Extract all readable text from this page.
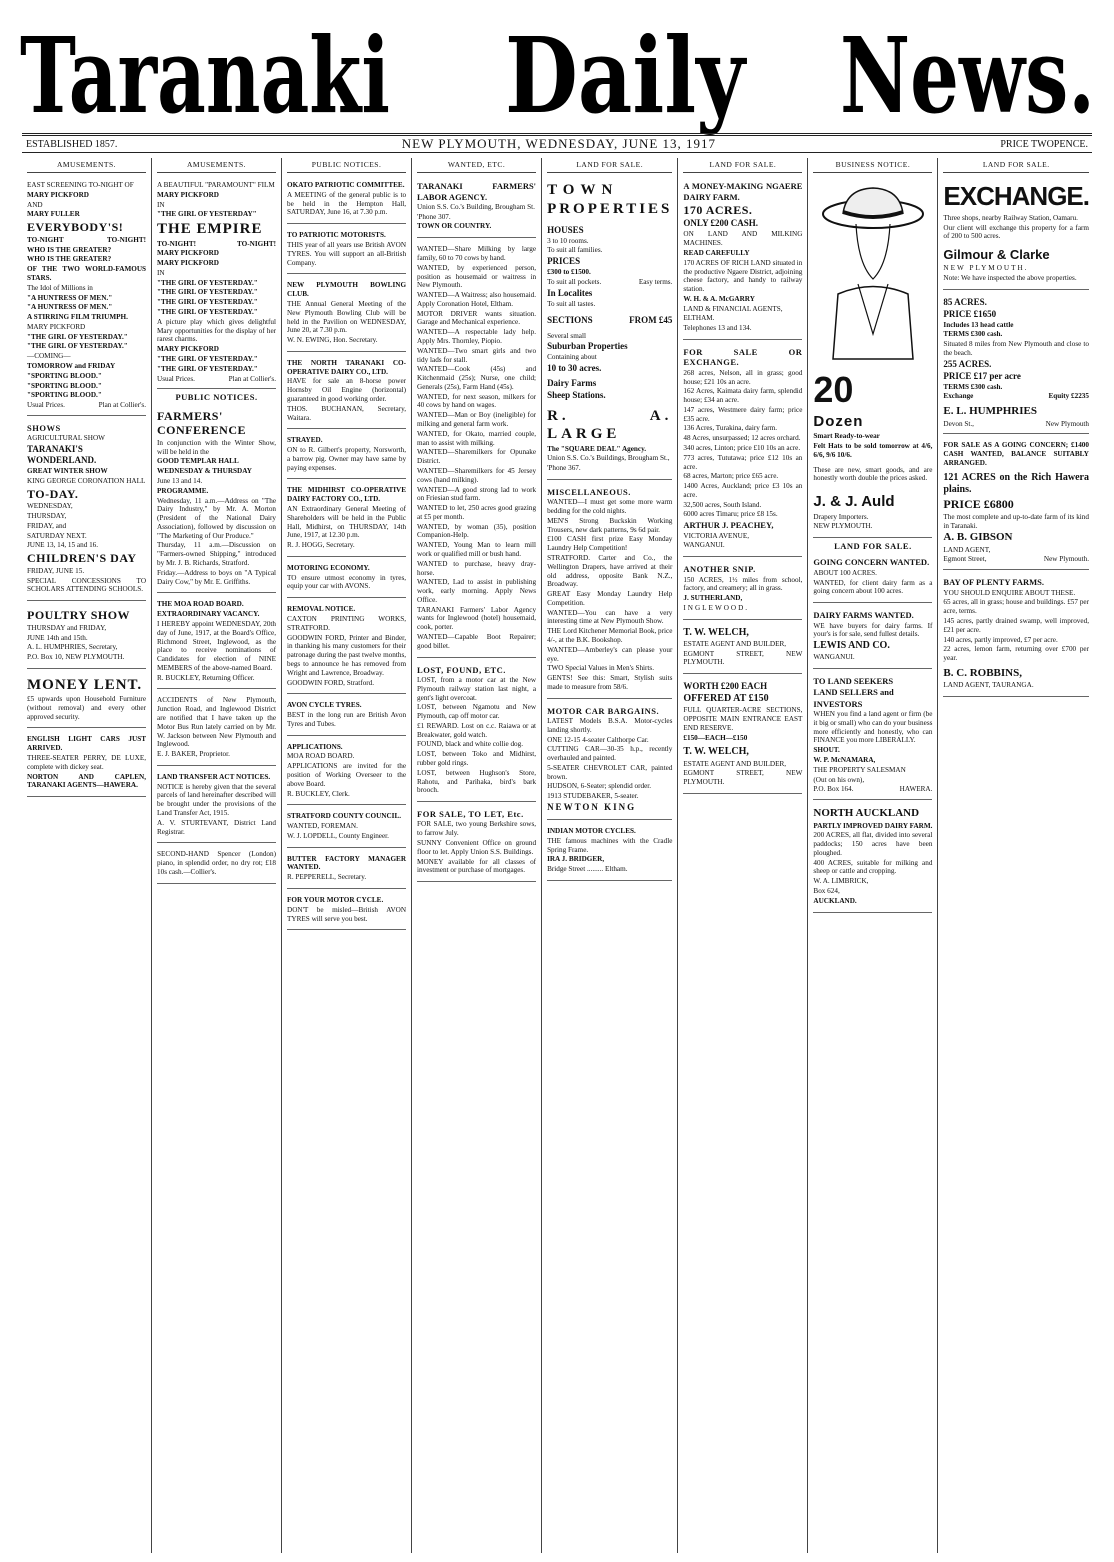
Taranaki Daily News.
ESTABLISHED 1857.	NEW PLYMOUTH, WEDNESDAY, JUNE 13, 1917	PRICE TWOPENCE.
AMUSEMENTS.

EAST SCREENING TO-NIGHT OF

MARY PICKFORD

AND

MARY FULLER

EVERYBODY'S!

TO-NIGHT	TO-NIGHT!

WHO IS THE GREATER?

WHO IS THE GREATER?

OF THE TWO WORLD-FAMOUS STARS.

The Idol of Millions in

"A HUNTRESS OF MEN."

"A HUNTRESS OF MEN."

A STIRRING FILM TRIUMPH.

MARY PICKFORD

"THE GIRL OF YESTERDAY."

"THE GIRL OF YESTERDAY."

—COMING—

TOMORROW and FRIDAY

"SPORTING BLOOD."

"SPORTING BLOOD."

"SPORTING BLOOD."

Usual Prices.	Plan at Collier's.

SHOWS

AGRICULTURAL SHOW

TARANAKI'S WONDERLAND.

GREAT WINTER SHOW

KING GEORGE CORONATION HALL

TO-DAY.

WEDNESDAY,

THURSDAY,

FRIDAY, and

SATURDAY NEXT.

JUNE 13, 14, 15 and 16.

CHILDREN'S DAY

FRIDAY, JUNE 15.

SPECIAL CONCESSIONS TO SCHOLARS ATTENDING SCHOOLS.

POULTRY SHOW

THURSDAY and FRIDAY,

JUNE 14th and 15th.

A. L. HUMPHRIES, Secretary,

P.O. Box 10, NEW PLYMOUTH.

MONEY LENT.

£5 upwards upon Household Furniture (without removal) and every other approved security.

ENGLISH LIGHT CARS JUST ARRIVED.

THREE-SEATER PERRY, DE LUXE, complete with dickey seat.

NORTON AND CAPLEN, TARANAKI AGENTS—HAWERA.

AMUSEMENTS.

A BEAUTIFUL "PARAMOUNT" FILM

MARY PICKFORD

IN

"THE GIRL OF YESTERDAY"

THE EMPIRE

TO-NIGHT!	TO-NIGHT!

MARY PICKFORD

MARY PICKFORD

IN

"THE GIRL OF YESTERDAY."

"THE GIRL OF YESTERDAY."

"THE GIRL OF YESTERDAY."

"THE GIRL OF YESTERDAY."

A picture play which gives delightful Mary opportunities for the display of her rarest charms.

MARY PICKFORD

"THE GIRL OF YESTERDAY."

"THE GIRL OF YESTERDAY."

Usual Prices.	Plan at Collier's.

PUBLIC NOTICES.

FARMERS' CONFERENCE

In conjunction with the Winter Show, will be held in the

GOOD TEMPLAR HALL

WEDNESDAY & THURSDAY

June 13 and 14.

PROGRAMME.

Wednesday, 11 a.m.—Address on "The Dairy Industry," by Mr. A. Morton (President of the National Dairy Association), followed by discussion on "The Marketing of Our Produce."

Thursday, 11 a.m.—Discussion on "Farmers-owned Shipping," introduced by Mr. J. B. Richards, Stratford.

Friday.—Address to boys on "A Typical Dairy Cow," by Mr. E. Griffiths.

THE MOA ROAD BOARD.

EXTRAORDINARY VACANCY.

I HEREBY appoint WEDNESDAY, 20th day of June, 1917, at the Board's Office, Richmond Street, Inglewood, as the place to receive nominations of Candidates for election of NINE MEMBERS of the above-named Board.

R. BUCKLEY, Returning Officer.

ACCIDENTS of New Plymouth, Junction Road, and Inglewood District are notified that I have taken up the Motor Bus Run lately carried on by Mr. W. Jackson between New Plymouth and Inglewood.

E. J. BAKER, Proprietor.

LAND TRANSFER ACT NOTICES.

NOTICE is hereby given that the several parcels of land hereinafter described will be brought under the provisions of the Land Transfer Act, 1915.

A. V. STURTEVANT, District Land Registrar.

SECOND-HAND Spencer (London) piano, in splendid order, no dry rot; £18 10s cash.—Collier's.

PUBLIC NOTICES.

OKATO PATRIOTIC COMMITTEE.

A MEETING of the general public is to be held in the Hempton Hall, SATURDAY, June 16, at 7.30 p.m.

TO PATRIOTIC MOTORISTS.

THIS year of all years use British AVON TYRES. You will support an all-British Company.

NEW PLYMOUTH BOWLING CLUB.

THE Annual General Meeting of the New Plymouth Bowling Club will be held in the Pavilion on WEDNESDAY, June 20, at 7.30 p.m.

W. N. EWING, Hon. Secretary.

THE NORTH TARANAKI CO-OPERATIVE DAIRY CO., LTD.

HAVE for sale an 8-horse power Hornsby Oil Engine (horizontal) guaranteed in good working order.

THOS. BUCHANAN, Secretary, Waitara.

STRAYED.

ON to R. Gilbert's property, Norsworth, a barrow pig. Owner may have same by paying expenses.

THE MIDHIRST CO-OPERATIVE DAIRY FACTORY CO., LTD.

AN Extraordinary General Meeting of Shareholders will be held in the Public Hall, Midhirst, on THURSDAY, 14th June, 1917, at 12.30 p.m.

R. J. HOGG, Secretary.

MOTORING ECONOMY.

TO ensure utmost economy in tyres, equip your car with AVONS.

REMOVAL NOTICE.

CAXTON PRINTING WORKS, STRATFORD.

GOODWIN FORD, Printer and Binder, in thanking his many customers for their patronage during the past twelve months, begs to announce he has removed from Wright and Lawrence, Broadway.

GOODWIN FORD, Stratford.

AVON CYCLE TYRES.

BEST in the long run are British Avon Tyres and Tubes.

APPLICATIONS.

MOA ROAD BOARD.

APPLICATIONS are invited for the position of Working Overseer to the above Board.

R. BUCKLEY, Clerk.

STRATFORD COUNTY COUNCIL.

WANTED, FOREMAN.

W. J. LOPDELL, County Engineer.

BUTTER FACTORY MANAGER WANTED.

R. PEPPERELL, Secretary.

FOR YOUR MOTOR CYCLE.

DON'T be misled—British AVON TYRES will serve you best.

WANTED, ETC.

TARANAKI FARMERS' LABOR AGENCY.

Union S.S. Co.'s Building, Brougham St.

'Phone 307.

TOWN OR COUNTRY.

WANTED—Share Milking by large family, 60 to 70 cows by hand.

WANTED, by experienced person, position as housemaid or waitress in New Plymouth.

WANTED—A Waitress; also housemaid. Apply Coronation Hotel, Eltham.

MOTOR DRIVER wants situation. Garage and Mechanical experience.

WANTED—A respectable lady help. Apply Mrs. Thornley, Piopio.

WANTED—Two smart girls and two tidy lads for stall.

WANTED—Cook (45s) and Kitchenmaid (25s); Nurse, one child; Generals (25s), Farm Hand (45s).

WANTED, for next season, milkers for 40 cows by hand on wages.

WANTED—Man or Boy (ineligible) for milking and general farm work.

WANTED, for Okato, married couple, man to assist with milking.

WANTED—Sharemilkers for Opunake District.

WANTED—Sharemilkers for 45 Jersey cows (hand milking).

WANTED—A good strong lad to work on Friesian stud farm.

WANTED to let, 250 acres good grazing at £5 per month.

WANTED, by woman (35), position Companion-Help.

WANTED, Young Man to learn mill work or qualified mill or bush hand.

WANTED to purchase, heavy dray-horse.

WANTED, Lad to assist in publishing work, early morning. Apply News Office.

TARANAKI Farmers' Labor Agency wants for Inglewood (hotel) housemaid, cook, porter.

WANTED—Capable Boot Repairer; good billet.

LOST, FOUND, ETC.

LOST, from a motor car at the New Plymouth railway station last night, a gent's light overcoat.

LOST, between Ngamotu and New Plymouth, cap off motor car.

£1 REWARD. Lost on c.c. Raiawa or at Breakwater, gold watch.

FOUND, black and white collie dog.

LOST, between Toko and Midhirst, rubber gold rings.

LOST, between Hughson's Store, Rahotu, and Parihaka, bird's bark brooch.

FOR SALE, TO LET, Etc.

FOR SALE, two young Berkshire sows, to farrow July.

SUNNY Convenient Office on ground floor to let. Apply Union S.S. Buildings.

MONEY available for all classes of investment or purchase of mortgages.

LAND FOR SALE.

TOWN

PROPERTIES

HOUSES

3 to 10 rooms.

To suit all families.

PRICES

£300 to £1500.

To suit all pockets.	Easy terms.

In Localites

To suit all tastes.

SECTIONS	FROM £45

Several small

Suburban Properties

Containing about

10 to 30 acres.

Dairy Farms

Sheep Stations.

R. A. LARGE

The "SQUARE DEAL" Agency.

Union S.S. Co.'s Buildings, Brougham St.,

'Phone 367.

MISCELLANEOUS.

WANTED—I must get some more warm bedding for the cold nights.

MEN'S Strong Buckskin Working Trousers, new dark patterns, 9s 6d pair.

£100 CASH first prize Easy Monday Laundry Help Competition!

STRATFORD. Carter and Co., the Wellington Drapers, have arrived at their old address, opposite Bank N.Z., Broadway.

GREAT Easy Monday Laundry Help Competition.

WANTED—You can have a very interesting time at New Plymouth Show.

THE Lord Kitchener Memorial Book, price 4/-, at the B.K. Bookshop.

WANTED—Amberley's can please your eye.

TWO Special Values in Men's Shirts.

GENTS! See this: Smart, Stylish suits made to measure from 58/6.

MOTOR CAR BARGAINS.

LATEST Models B.S.A. Motor-cycles landing shortly.

ONE 12-15 4-seater Calthorpe Car.

CUTTING CAR—30-35 h.p., recently overhauled and painted.

5-SEATER CHEVROLET CAR, painted brown.

HUDSON, 6-Seater; splendid order.

1913 STUDEBAKER, 5-seater.

NEWTON KING

INDIAN MOTOR CYCLES.

THE famous machines with the Cradle Spring Frame.

IRA J. BRIDGER,

Bridge Street ......... Eltham.

LAND FOR SALE.

A MONEY-MAKING NGAERE DAIRY FARM.

170 ACRES.

ONLY £200 CASH.

ON LAND AND MILKING MACHINES.

READ CAREFULLY

170 ACRES OF RICH LAND situated in the productive Ngaere District, adjoining cheese factory, and handy to railway station.

W. H. & A. McGARRY

LAND & FINANCIAL AGENTS,

ELTHAM.

Telephones 13 and 134.

FOR SALE OR EXCHANGE.

268 acres, Nelson, all in grass; good house; £21 10s an acre.

162 Acres, Kaimata dairy farm, splendid house; £34 an acre.

147 acres, Westmere dairy farm; price £35 acre.

136 Acres, Turakina, dairy farm.

48 Acres, unsurpassed; 12 acres orchard.

340 acres, Linton; price £10 10s an acre.

773 acres, Tututawa; price £12 10s an acre.

68 acres, Marton; price £65 acre.

1400 Acres, Auckland; price £3 10s an acre.

32,500 acres, South Island.

6000 acres Timaru; price £8 15s.

ARTHUR J. PEACHEY,

VICTORIA AVENUE,

WANGANUI.

ANOTHER SNIP.

150 ACRES, 1½ miles from school, factory, and creamery; all in grass.

J. SUTHERLAND,

INGLEWOOD.

T. W. WELCH,

ESTATE AGENT AND BUILDER,

EGMONT STREET, NEW PLYMOUTH.

WORTH £200 EACH

OFFERED AT £150

FULL QUARTER-ACRE SECTIONS, OPPOSITE MAIN ENTRANCE EAST END RESERVE.

£150—EACH—£150

T. W. WELCH,

ESTATE AGENT AND BUILDER,

EGMONT STREET, NEW PLYMOUTH.

BUSINESS NOTICE.

20

Dozen

Smart Ready-to-wear

Felt Hats to be sold tomorrow at 4/6, 6/6, 9/6 10/6.

These are new, smart goods, and are honestly worth double the prices asked.

J. & J. Auld

Drapery Importers.

NEW PLYMOUTH.

LAND FOR SALE.

GOING CONCERN WANTED.

ABOUT 100 ACRES.

WANTED, for client dairy farm as a going concern about 100 acres.

DAIRY FARMS WANTED.

WE have buyers for dairy farms. If your's is for sale, send fullest details.

LEWIS AND CO.

WANGANUI.

TO LAND SEEKERS

LAND SELLERS and

INVESTORS

WHEN you find a land agent or firm (be it big or small) who can do your business more efficiently and honestly, who can FINANCE you more LIBERALLY.

SHOUT.

W. P. McNAMARA,

THE PROPERTY SALESMAN

(Out on his own),

P.O. Box 164.	HAWERA.

NORTH AUCKLAND

PARTLY IMPROVED DAIRY FARM.

200 ACRES, all flat, divided into several paddocks; 150 acres have been ploughed.

400 ACRES, suitable for milking and sheep or cattle and cropping.

W. A. LIMBRICK,

Box 624,

AUCKLAND.

LAND FOR SALE.

EXCHANGE.

Three shops, nearby Railway Station, Oamaru.

Our client will exchange this property for a farm of 200 to 500 acres.

Gilmour & Clarke

NEW PLYMOUTH.

Note: We have inspected the above properties.

85 ACRES.

PRICE £1650

Includes 13 head cattle

TERMS £300 cash.

Situated 8 miles from New Plymouth and close to the beach.

255 ACRES.

PRICE £17 per acre

TERMS £300 cash.

Exchange	Equity £2235

E. L. HUMPHRIES

Devon St.,	New Plymouth

FOR SALE AS A GOING CONCERN; £1400 CASH WANTED, BALANCE SUITABLY ARRANGED.

121 ACRES on the Rich Hawera plains.

PRICE £6800

The most complete and up-to-date farm of its kind in Taranaki.

A. B. GIBSON

LAND AGENT,

Egmont Street,	New Plymouth.

BAY OF PLENTY FARMS.

YOU SHOULD ENQUIRE ABOUT THESE.

65 acres, all in grass; house and buildings. £57 per acre, terms.

145 acres, partly drained swamp, well improved, £21 per acre.

140 acres, partly improved, £7 per acre.

22 acres, lemon farm, returning over £700 per year.

B. C. ROBBINS,

LAND AGENT, TAURANGA.
